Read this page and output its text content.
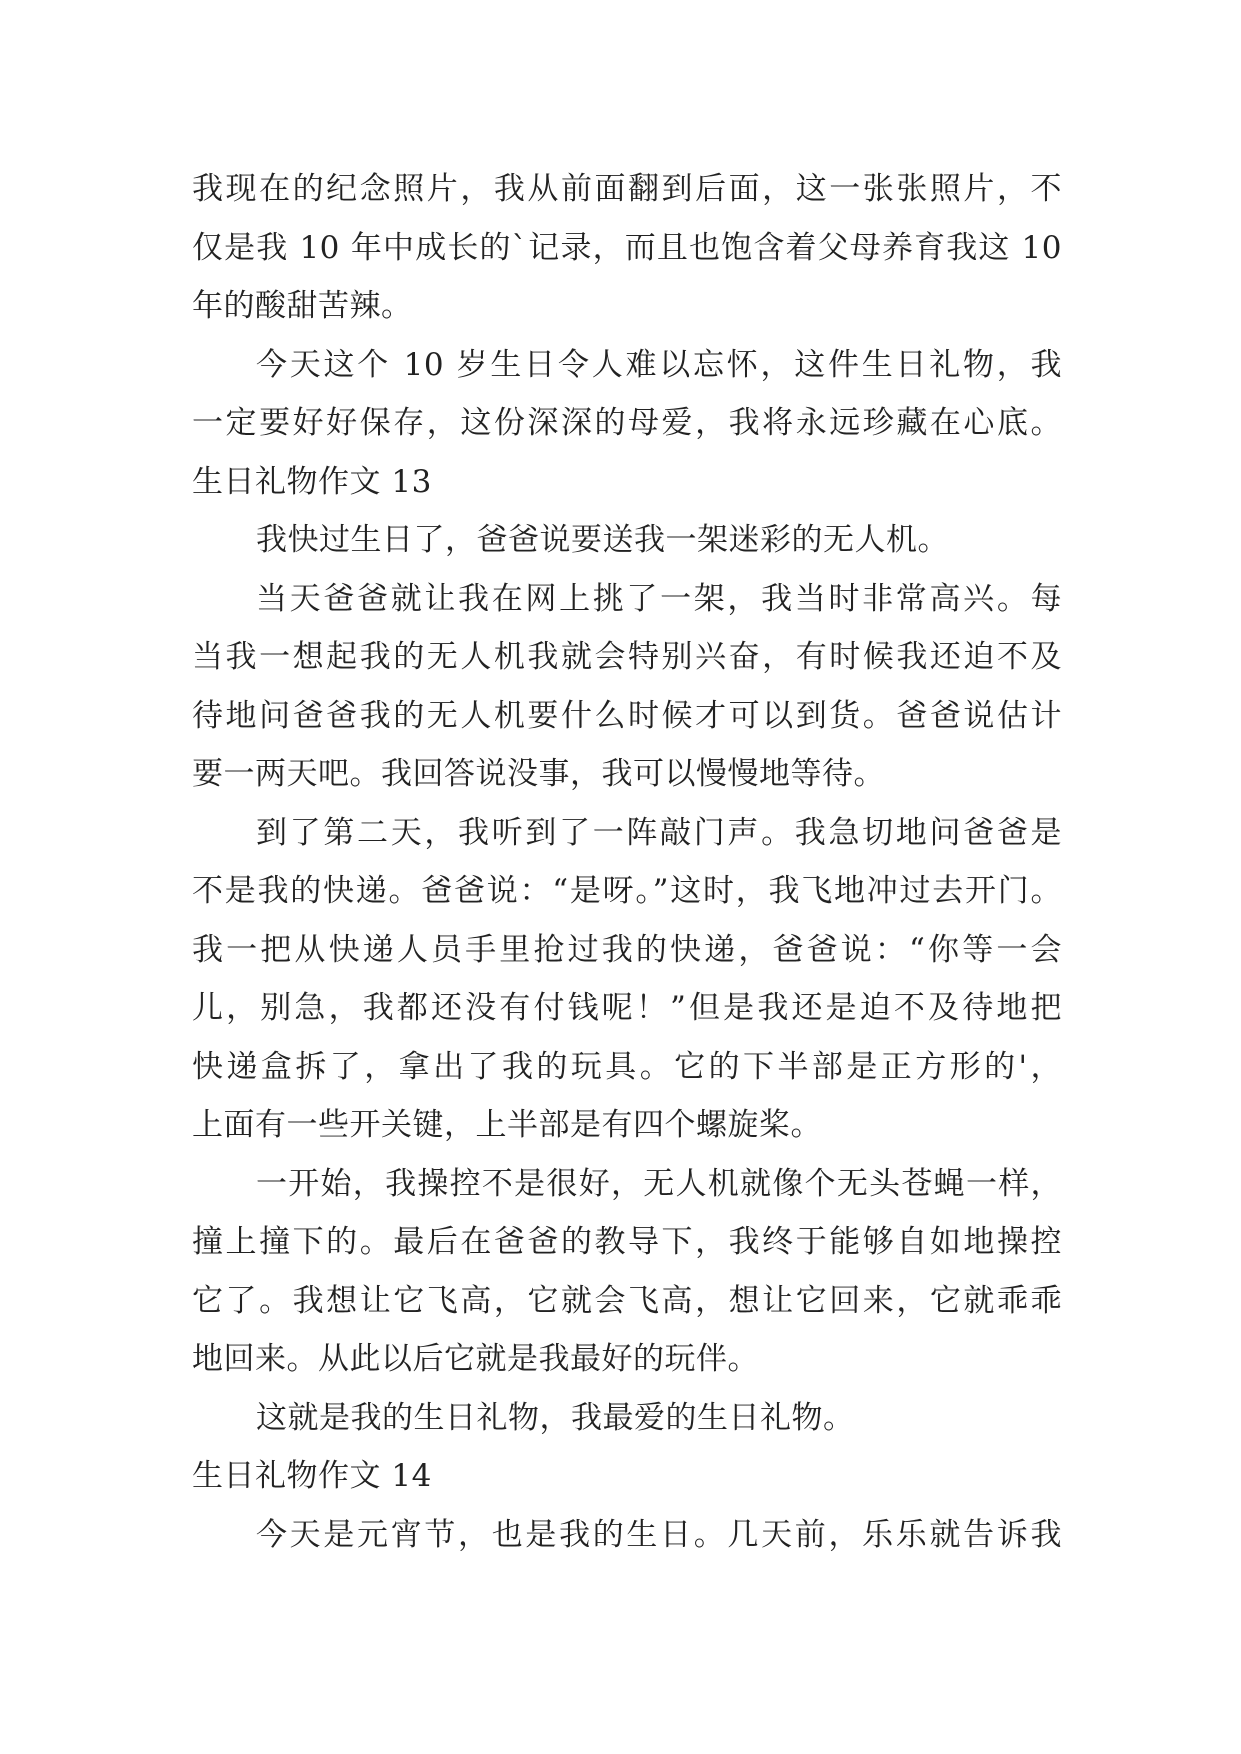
我现在的纪念照片，我从前面翻到后面，这一张张照片，不
仅是我 10 年中成长的`记录，而且也饱含着父母养育我这 10
年的酸甜苦辣。
今天这个 10 岁生日令人难以忘怀，这件生日礼物，我
一定要好好保存，这份深深的母爱，我将永远珍藏在心底。
生日礼物作文 13
我快过生日了，爸爸说要送我一架迷彩的无人机。
当天爸爸就让我在网上挑了一架，我当时非常高兴。每
当我一想起我的无人机我就会特别兴奋，有时候我还迫不及
待地问爸爸我的无人机要什么时候才可以到货。爸爸说估计
要一两天吧。我回答说没事，我可以慢慢地等待。
到了第二天，我听到了一阵敲门声。我急切地问爸爸是
不是我的快递。爸爸说：“是呀。”这时，我飞地冲过去开门。
我一把从快递人员手里抢过我的快递，爸爸说：“你等一会
儿，别急，我都还没有付钱呢！”但是我还是迫不及待地把
快递盒拆了，拿出了我的玩具。它的下半部是正方形的'，
上面有一些开关键，上半部是有四个螺旋桨。
一开始，我操控不是很好，无人机就像个无头苍蝇一样，
撞上撞下的。最后在爸爸的教导下，我终于能够自如地操控
它了。我想让它飞高，它就会飞高，想让它回来，它就乖乖
地回来。从此以后它就是我最好的玩伴。
这就是我的生日礼物，我最爱的生日礼物。
生日礼物作文 14
今天是元宵节，也是我的生日。几天前，乐乐就告诉我
